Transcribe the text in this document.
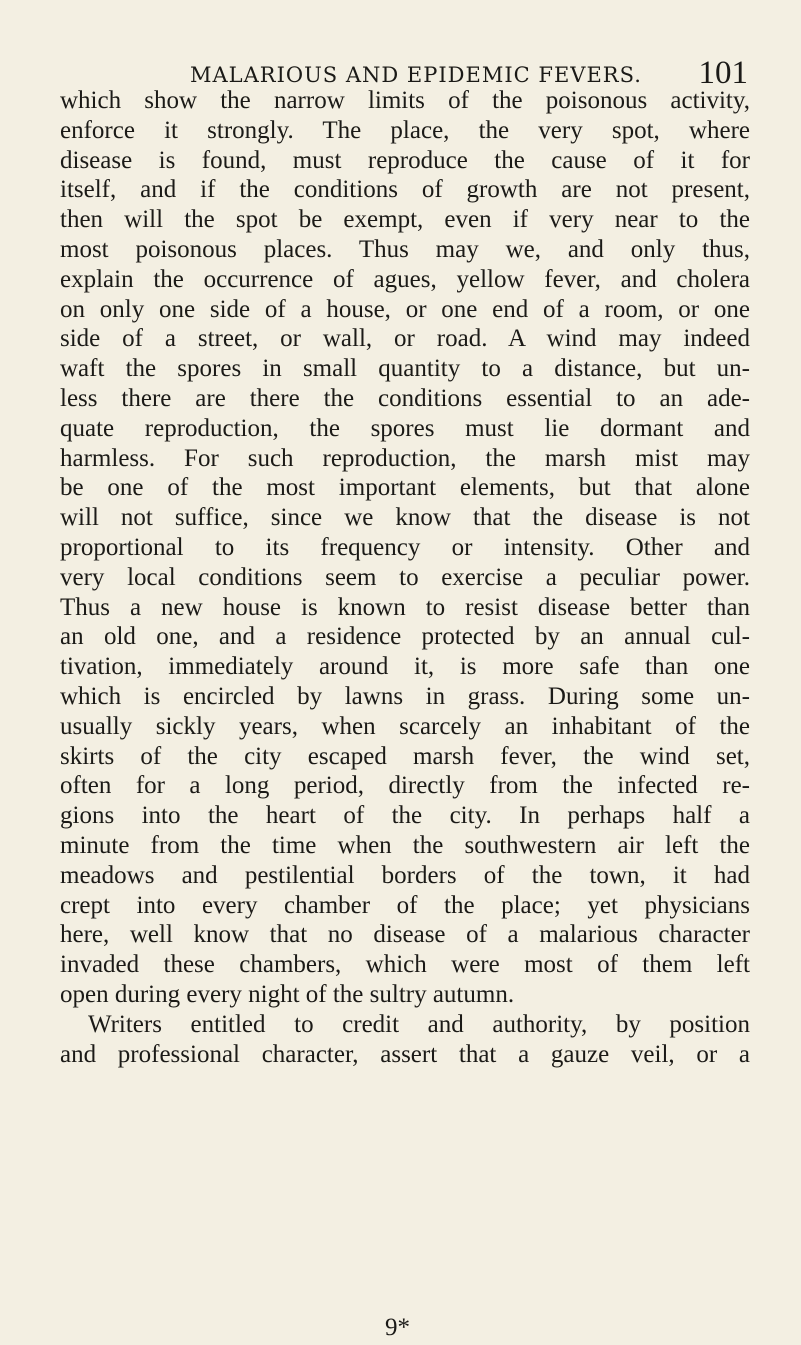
MALARIOUS AND EPIDEMIC FEVERS. 101
which show the narrow limits of the poisonous activity,
enforce it strongly. The place, the very spot, where
disease is found, must reproduce the cause of it for
itself, and if the conditions of growth are not present,
then will the spot be exempt, even if very near to the
most poisonous places. Thus may we, and only thus,
explain the occurrence of agues, yellow fever, and cholera
on only one side of a house, or one end of a room, or one
side of a street, or wall, or road. A wind may indeed
waft the spores in small quantity to a distance, but un-
less there are there the conditions essential to an ade-
quate reproduction, the spores must lie dormant and
harmless. For such reproduction, the marsh mist may
be one of the most important elements, but that alone
will not suffice, since we know that the disease is not
proportional to its frequency or intensity. Other and
very local conditions seem to exercise a peculiar power.
Thus a new house is known to resist disease better than
an old one, and a residence protected by an annual cul-
tivation, immediately around it, is more safe than one
which is encircled by lawns in grass. During some un-
usually sickly years, when scarcely an inhabitant of the
skirts of the city escaped marsh fever, the wind set,
often for a long period, directly from the infected re-
gions into the heart of the city. In perhaps half a
minute from the time when the southwestern air left the
meadows and pestilential borders of the town, it had
crept into every chamber of the place; yet physicians
here, well know that no disease of a malarious character
invaded these chambers, which were most of them left
open during every night of the sultry autumn.
Writers entitled to credit and authority, by position
and professional character, assert that a gauze veil, or a
9*
